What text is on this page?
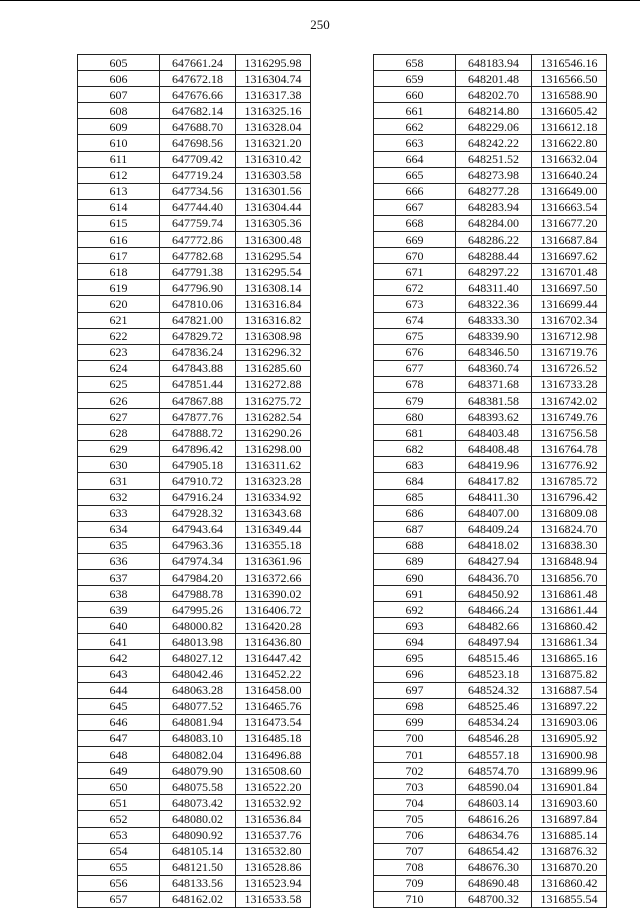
250
605	647661.24	1316295.98
606	647672.18	1316304.74
607	647676.66	1316317.38
608	647682.14	1316325.16
609	647688.70	1316328.04
610	647698.56	1316321.20
611	647709.42	1316310.42
612	647719.24	1316303.58
613	647734.56	1316301.56
614	647744.40	1316304.44
615	647759.74	1316305.36
616	647772.86	1316300.48
617	647782.68	1316295.54
618	647791.38	1316295.54
619	647796.90	1316308.14
620	647810.06	1316316.84
621	647821.00	1316316.82
622	647829.72	1316308.98
623	647836.24	1316296.32
624	647843.88	1316285.60
625	647851.44	1316272.88
626	647867.88	1316275.72
627	647877.76	1316282.54
628	647888.72	1316290.26
629	647896.42	1316298.00
630	647905.18	1316311.62
631	647910.72	1316323.28
632	647916.24	1316334.92
633	647928.32	1316343.68
634	647943.64	1316349.44
635	647963.36	1316355.18
636	647974.34	1316361.96
637	647984.20	1316372.66
638	647988.78	1316390.02
639	647995.26	1316406.72
640	648000.82	1316420.28
641	648013.98	1316436.80
642	648027.12	1316447.42
643	648042.46	1316452.22
644	648063.28	1316458.00
645	648077.52	1316465.76
646	648081.94	1316473.54
647	648083.10	1316485.18
648	648082.04	1316496.88
649	648079.90	1316508.60
650	648075.58	1316522.20
651	648073.42	1316532.92
652	648080.02	1316536.84
653	648090.92	1316537.76
654	648105.14	1316532.80
655	648121.50	1316528.86
656	648133.56	1316523.94
657	648162.02	1316533.58
658	648183.94	1316546.16
659	648201.48	1316566.50
660	648202.70	1316588.90
661	648214.80	1316605.42
662	648229.06	1316612.18
663	648242.22	1316622.80
664	648251.52	1316632.04
665	648273.98	1316640.24
666	648277.28	1316649.00
667	648283.94	1316663.54
668	648284.00	1316677.20
669	648286.22	1316687.84
670	648288.44	1316697.62
671	648297.22	1316701.48
672	648311.40	1316697.50
673	648322.36	1316699.44
674	648333.30	1316702.34
675	648339.90	1316712.98
676	648346.50	1316719.76
677	648360.74	1316726.52
678	648371.68	1316733.28
679	648381.58	1316742.02
680	648393.62	1316749.76
681	648403.48	1316756.58
682	648408.48	1316764.78
683	648419.96	1316776.92
684	648417.82	1316785.72
685	648411.30	1316796.42
686	648407.00	1316809.08
687	648409.24	1316824.70
688	648418.02	1316838.30
689	648427.94	1316848.94
690	648436.70	1316856.70
691	648450.92	1316861.48
692	648466.24	1316861.44
693	648482.66	1316860.42
694	648497.94	1316861.34
695	648515.46	1316865.16
696	648523.18	1316875.82
697	648524.32	1316887.54
698	648525.46	1316897.22
699	648534.24	1316903.06
700	648546.28	1316905.92
701	648557.18	1316900.98
702	648574.70	1316899.96
703	648590.04	1316901.84
704	648603.14	1316903.60
705	648616.26	1316897.84
706	648634.76	1316885.14
707	648654.42	1316876.32
708	648676.30	1316870.20
709	648690.48	1316860.42
710	648700.32	1316855.54
